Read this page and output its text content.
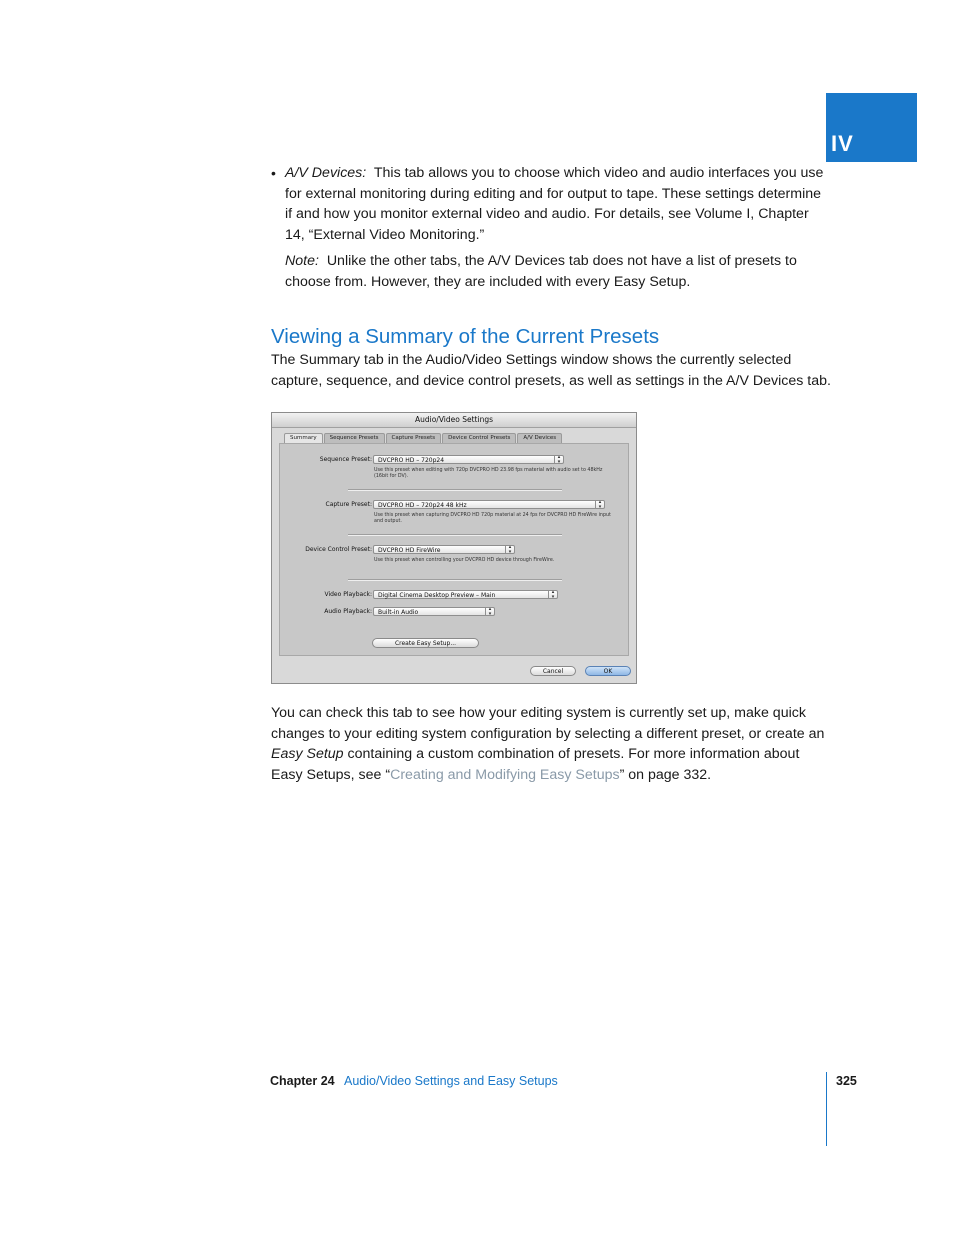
IV
• A/V Devices: This tab allows you to choose which video and audio interfaces you use for external monitoring during editing and for output to tape. These settings determine if and how you monitor external video and audio. For details, see Volume I, Chapter 14, “External Video Monitoring.”
Note: Unlike the other tabs, the A/V Devices tab does not have a list of presets to choose from. However, they are included with every Easy Setup.
Viewing a Summary of the Current Presets
The Summary tab in the Audio/Video Settings window shows the currently selected capture, sequence, and device control presets, as well as settings in the A/V Devices tab.
Audio/Video Settings
Summary	Sequence Presets	Capture Presets	Device Control Presets	A/V Devices
Sequence Preset:	DVCPRO HD – 720p24	▴
▾
Use this preset when editing with 720p DVCPRO HD 23.98 fps material with audio set to 48kHz (16bit for DV).
Capture Preset:	DVCPRO HD – 720p24 48 kHz	▴
▾
Use this preset when capturing DVCPRO HD 720p material at 24 fps for DVCPRO HD FireWire input and output.
Device Control Preset:	DVCPRO HD FireWire	▴
▾
Use this preset when controlling your DVCPRO HD device through FireWire.
Video Playback:	Digital Cinema Desktop Preview – Main	▴
▾
Audio Playback:	Built-in Audio	▴
▾
Create Easy Setup...
Cancel	OK
You can check this tab to see how your editing system is currently set up, make quick changes to your editing system configuration by selecting a different preset, or create an Easy Setup containing a custom combination of presets. For more information about Easy Setups, see “Creating and Modifying Easy Setups” on page 332.
Chapter 24 Audio/Video Settings and Easy Setups	325
